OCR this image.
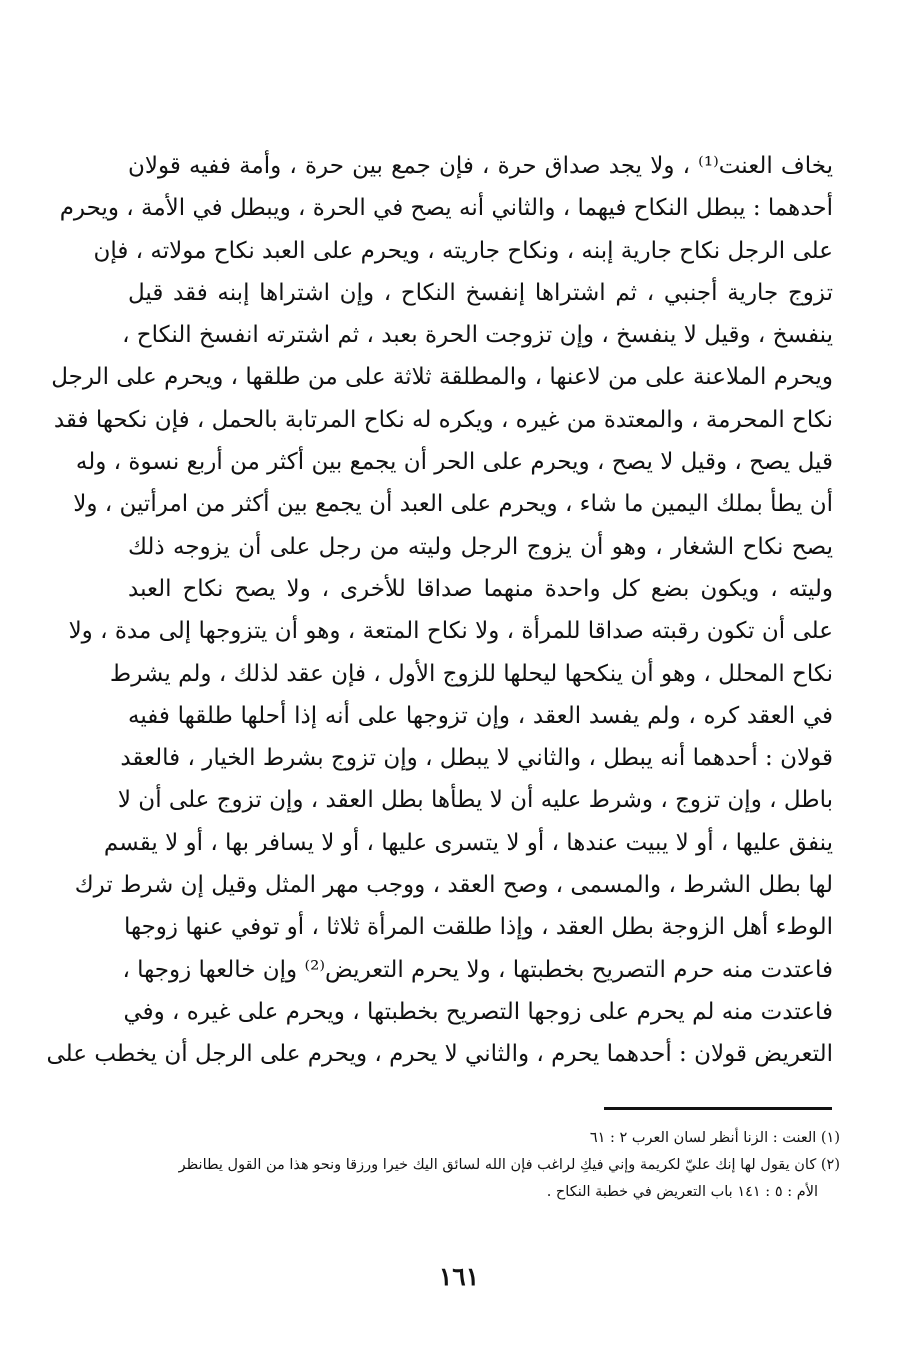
يخاف العنت⁽¹⁾ ، ولا يجد صداق حرة ، فإن جمع بين حرة ، وأمة ففيه قولان
أحدهما : يبطل النكاح فيهما ، والثاني أنه يصح في الحرة ، ويبطل في الأمة ، ويحرم
على الرجل نكاح جارية إبنه ، ونكاح جاريته ، ويحرم على العبد نكاح مولاته ، فإن
تزوج جارية أجنبي ، ثم اشتراها إنفسخ النكاح ، وإن اشتراها إبنه فقد قيل
ينفسخ ، وقيل لا ينفسخ ، وإن تزوجت الحرة بعبد ، ثم اشترته انفسخ النكاح ،
ويحرم الملاعنة على من لاعنها ، والمطلقة ثلاثة على من طلقها ، ويحرم على الرجل
نكاح المحرمة ، والمعتدة من غيره ، ويكره له نكاح المرتابة بالحمل ، فإن نكحها فقد
قيل يصح ، وقيل لا يصح ، ويحرم على الحر أن يجمع بين أكثر من أربع نسوة ، وله
أن يطأ بملك اليمين ما شاء ، ويحرم على العبد أن يجمع بين أكثر من امرأتين ، ولا
يصح نكاح الشغار ، وهو أن يزوج الرجل وليته من رجل على أن يزوجه ذلك
وليته ، ويكون بضع كل واحدة منهما صداقا للأخرى ، ولا يصح نكاح العبد
على أن تكون رقبته صداقا للمرأة ، ولا نكاح المتعة ، وهو أن يتزوجها إلى مدة ، ولا
نكاح المحلل ، وهو أن ينكحها ليحلها للزوج الأول ، فإن عقد لذلك ، ولم يشرط
في العقد كره ، ولم يفسد العقد ، وإن تزوجها على أنه إذا أحلها طلقها ففيه
قولان : أحدهما أنه يبطل ، والثاني لا يبطل ، وإن تزوج بشرط الخيار ، فالعقد
باطل ، وإن تزوج ، وشرط عليه أن لا يطأها بطل العقد ، وإن تزوج على أن لا
ينفق عليها ، أو لا يبيت عندها ، أو لا يتسرى عليها ، أو لا يسافر بها ، أو لا يقسم
لها بطل الشرط ، والمسمى ، وصح العقد ، ووجب مهر المثل وقيل إن شرط ترك
الوطء أهل الزوجة بطل العقد ، وإذا طلقت المرأة ثلاثا ، أو توفي عنها زوجها
فاعتدت منه حرم التصريح بخطبتها ، ولا يحرم التعريض⁽²⁾ وإن خالعها زوجها ،
فاعتدت منه لم يحرم على زوجها التصريح بخطبتها ، ويحرم على غيره ، وفي
التعريض قولان : أحدهما يحرم ، والثاني لا يحرم ، ويحرم على الرجل أن يخطب على
(١) العنت : الزنا أنظر لسان العرب ٢ : ٦١
(٢) كان يقول لها إنك عليّ لكريمة وإني فيكِ لراغب فإن الله لسائق اليك خيرا ورزقا ونحو هذا من القول يطانظر
الأم : ٥ : ١٤١ باب التعريض في خطبة النكاح .
١٦١
